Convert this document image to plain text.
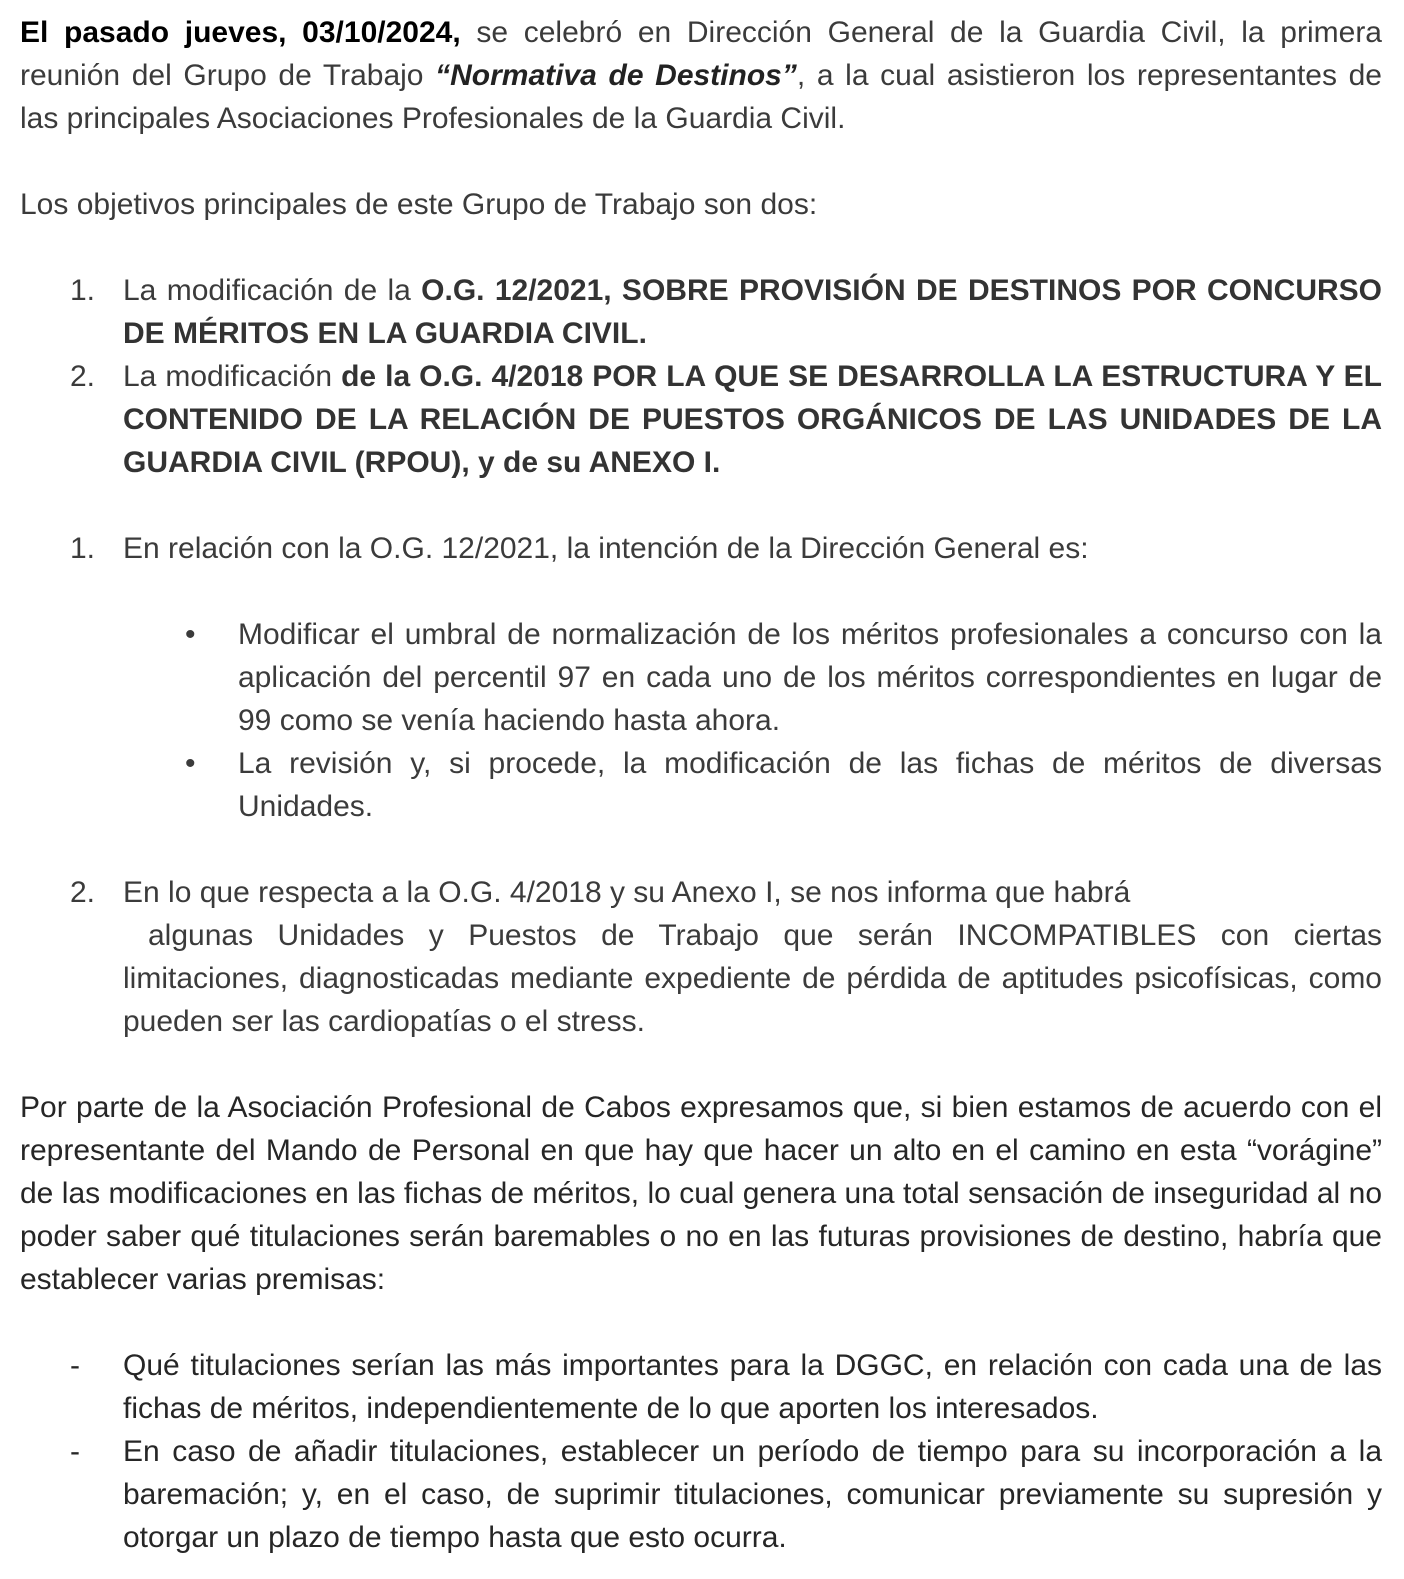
El pasado jueves, 03/10/2024, se celebró en Dirección General de la Guardia Civil, la primera reunión del Grupo de Trabajo “Normativa de Destinos”, a la cual asistieron los representantes de las principales Asociaciones Profesionales de la Guardia Civil.

Los objetivos principales de este Grupo de Trabajo son dos:

1. La modificación de la O.G. 12/2021, SOBRE PROVISIÓN DE DESTINOS POR CONCURSO DE MÉRITOS EN LA GUARDIA CIVIL.
2. La modificación de la O.G. 4/2018 POR LA QUE SE DESARROLLA LA ESTRUCTURA Y EL CONTENIDO DE LA RELACIÓN DE PUESTOS ORGÁNICOS DE LAS UNIDADES DE LA GUARDIA CIVIL (RPOU), y de su ANEXO I.
1. En relación con la O.G. 12/2021, la intención de la Dirección General es:
• Modificar el umbral de normalización de los méritos profesionales a concurso con la aplicación del percentil 97 en cada uno de los méritos correspondientes en lugar de 99 como se venía haciendo hasta ahora.
• La revisión y, si procede, la modificación de las fichas de méritos de diversas Unidades.
2. En lo que respecta a la O.G. 4/2018 y su Anexo I, se nos informa que habrá
algunas Unidades y Puestos de Trabajo que serán INCOMPATIBLES con ciertas limitaciones, diagnosticadas mediante expediente de pérdida de aptitudes psicofísicas, como pueden ser las cardiopatías o el stress.

Por parte de la Asociación Profesional de Cabos expresamos que, si bien estamos de acuerdo con el representante del Mando de Personal en que hay que hacer un alto en el camino en esta “vorágine” de las modificaciones en las fichas de méritos, lo cual genera una total sensación de inseguridad al no poder saber qué titulaciones serán baremables o no en las futuras provisiones de destino, habría que establecer varias premisas:

- Qué titulaciones serían las más importantes para la DGGC, en relación con cada una de las fichas de méritos, independientemente de lo que aporten los interesados.
- En caso de añadir titulaciones, establecer un período de tiempo para su incorporación a la baremación; y, en el caso, de suprimir titulaciones, comunicar previamente su supresión y otorgar un plazo de tiempo hasta que esto ocurra.
